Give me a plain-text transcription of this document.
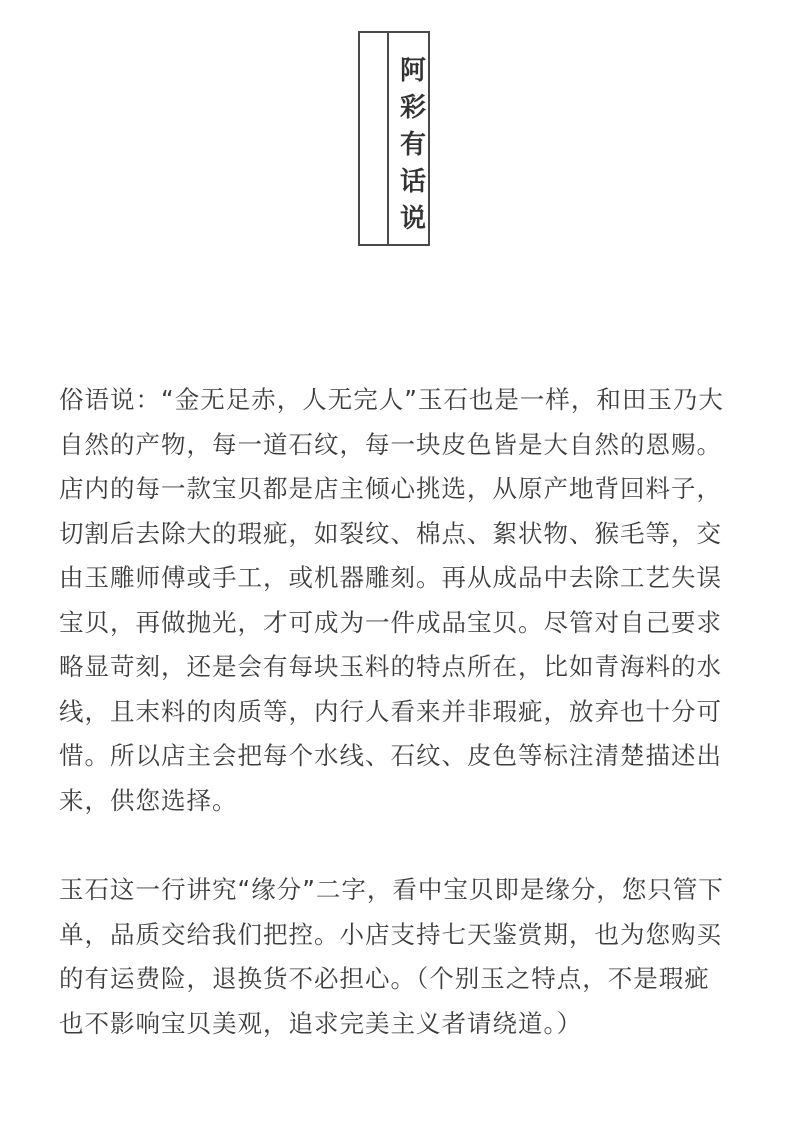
阿彩有话说

俗语说：“金无足赤，人无完人”玉石也是一样，和田玉乃大自然的产物，每一道石纹，每一块皮色皆是大自然的恩赐。店内的每一款宝贝都是店主倾心挑选，从原产地背回料子，切割后去除大的瑕疵，如裂纹、棉点、絮状物、猴毛等，交由玉雕师傅或手工，或机器雕刻。再从成品中去除工艺失误宝贝，再做抛光，才可成为一件成品宝贝。尽管对自己要求略显苛刻，还是会有每块玉料的特点所在，比如青海料的水线，且末料的肉质等，内行人看来并非瑕疵，放弃也十分可惜。所以店主会把每个水线、石纹、皮色等标注清楚描述出来，供您选择。

玉石这一行讲究“缘分”二字，看中宝贝即是缘分，您只管下单，品质交给我们把控。小店支持七天鉴赏期，也为您购买的有运费险，退换货不必担心。（个别玉之特点，不是瑕疵也不影响宝贝美观，追求完美主义者请绕道。）
